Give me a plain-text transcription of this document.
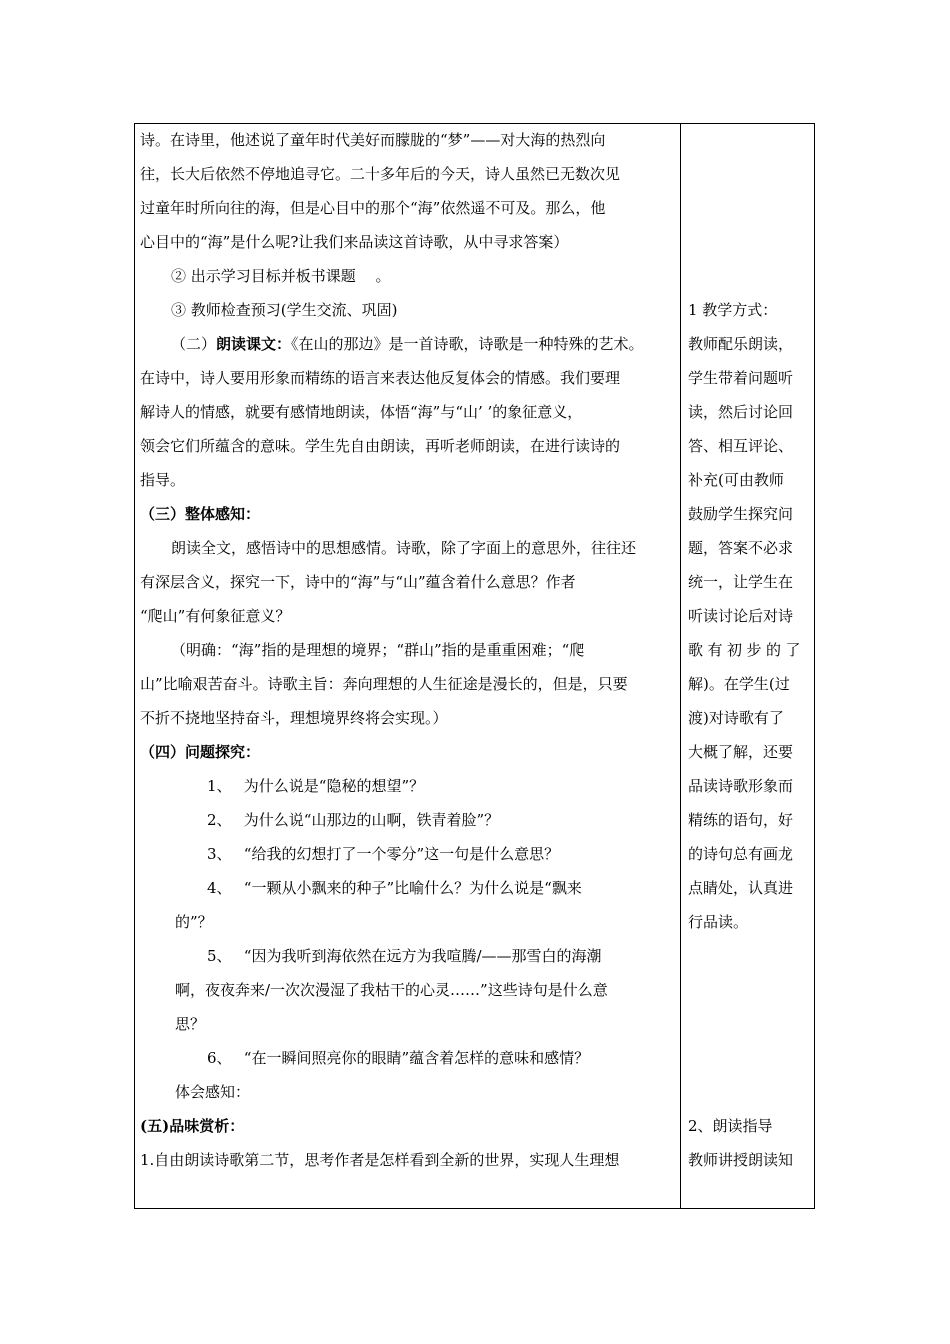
诗。在诗里，他述说了童年时代美好而朦胧的“梦”——对大海的热烈向
往，长大后依然不停地追寻它。二十多年后的今天，诗人虽然已无数次见
过童年时所向往的海，但是心目中的那个“海”依然遥不可及。那么，他
心目中的“海”是什么呢?让我们来品读这首诗歌，从中寻求答案）
② 出示学习目标并板书课题　 。
③ 教师检查预习(学生交流、巩固)
（二）朗读课文：《在山的那边》是一首诗歌，诗歌是一种特殊的艺术。
在诗中，诗人要用形象而精练的语言来表达他反复体会的情感。我们要理
解诗人的情感，就要有感情地朗读，体悟“海”与“山’ ’的象征意义，
领会它们所蕴含的意味。学生先自由朗读，再听老师朗读，在进行读诗的
指导。
（三）整体感知：
朗读全文，感悟诗中的思想感情。诗歌，除了字面上的意思外，往往还
有深层含义，探究一下，诗中的“海”与“山”蕴含着什么意思？作者
“爬山”有何象征意义？
（明确：“海”指的是理想的境界；“群山”指的是重重困难；“爬
山”比喻艰苦奋斗。诗歌主旨：奔向理想的人生征途是漫长的，但是，只要
不折不挠地坚持奋斗，理想境界终将会实现。）
（四）问题探究：
1、　 为什么说是“隐秘的想望”？
2、　 为什么说“山那边的山啊，铁青着脸”？
3、　 “给我的幻想打了一个零分”这一句是什么意思？
4、　 “一颗从小飘来的种子”比喻什么？为什么说是“飘来
的”？
5、　 “因为我听到海依然在远方为我喧腾/——那雪白的海潮
啊，夜夜奔来/一次次漫湿了我枯干的心灵……”这些诗句是什么意
思？
6、　 “在一瞬间照亮你的眼睛”蕴含着怎样的意味和感情？
体会感知：
(五)品味赏析：
1.自由朗读诗歌第二节，思考作者是怎样看到全新的世界，实现人生理想
1 教学方式：
教师配乐朗读，
学生带着问题听
读，然后讨论回
答、相互评论、
补充(可由教师
鼓励学生探究问
题，答案不必求
统一，让学生在
听读讨论后对诗
歌有初步的了
解)。在学生(过
渡)对诗歌有了
大概了解，还要
品读诗歌形象而
精练的语句，好
的诗句总有画龙
点睛处，认真进
行品读。
2、朗读指导
教师讲授朗读知
